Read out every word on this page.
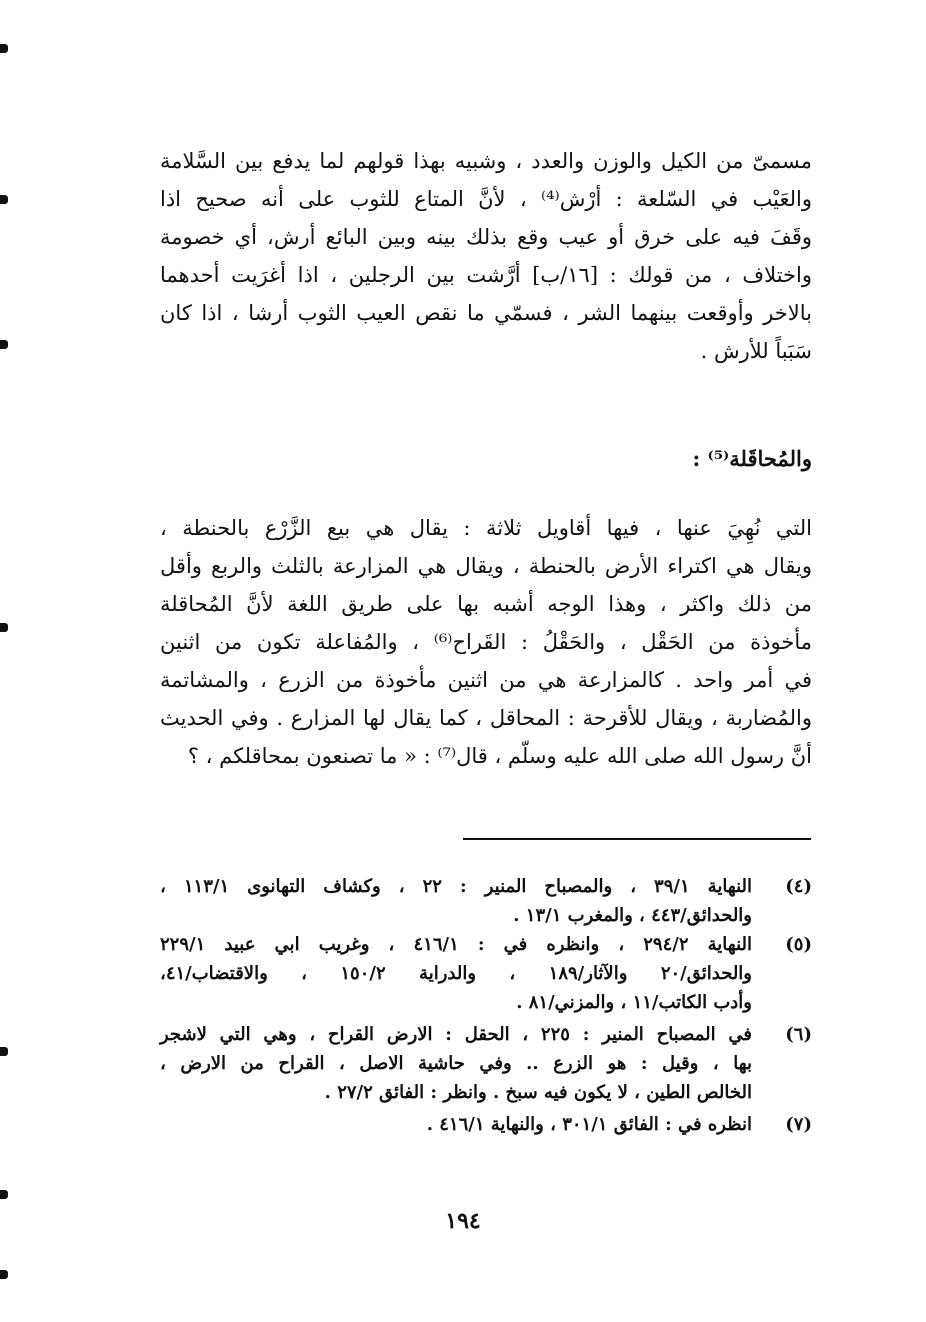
مسمیّ من الكيل والوزن والعدد ، وشبيه بهذا قولهم لما يدفع بين السَّلامة
والعَيْب في السّلعة : أرْش⁽⁴⁾ ، لأنَّ المتاع للثوب على أنه صحيح اذا
وقَفَ فيه على خرق أو عيب وقع بذلك بينه وبين البائع أرش، أي خصومة
واختلاف ، من قولك : [١٦/ب] أرَّشت بين الرجلين ، اذا أغرَيت أحدهما
بالاخر وأوقعت بينهما الشر ، فسمّي ما نقص العيب الثوب أرشا ، اذا كان
سَبَباً للأرش .
والمُحاقَلة⁽⁵⁾ :
التي نُهِيَ عنها ، فيها أقاويل ثلاثة : يقال هي بيع الزَّرْع بالحنطة ،
ويقال هي اكتراء الأرض بالحنطة ، ويقال هي المزارعة بالثلث والربع وأقل
من ذلك واكثر ، وهذا الوجه أشبه بها على طريق اللغة لأنَّ المُحاقلة
مأخوذة من الحَقْل ، والحَقْلُ : القَراح⁽⁶⁾ ، والمُفاعلة تكون من اثنين
في أمر واحد . كالمزارعة هي من اثنين مأخوذة من الزرع ، والمشاتمة
والمُضاربة ، ويقال للأقرحة : المحاقل ، كما يقال لها المزارع . وفي الحديث
أنَّ رسول الله صلى الله عليه وسلّم ، قال⁽⁷⁾ : « ما تصنعون بمحاقلكم ، ؟
(٤)
النهاية ٣٩/١ ، والمصباح المنير : ٢٢ ، وكشاف التهانوى ١١٣/١ ،
والحدائق/٤٤٣ ، والمغرب ١٣/١ .
(٥)
النهاية ٢٩٤/٢ ، وانظره في : ٤١٦/١ ، وغريب ابي عبيد ٢٢٩/١
والحدائق/٢٠ والآثار/١٨٩ ، والدراية ١٥٠/٢ ، والاقتضاب/٤١،
وأدب الكاتب/١١ ، والمزني/٨١ .
(٦)
في المصباح المنير : ٢٢٥ ، الحقل : الارض القراح ، وهي التي لاشجر
بها ، وقيل : هو الزرع .. وفي حاشية الاصل ، القراح من الارض ،
الخالص الطين ، لا يكون فيه سبخ . وانظر : الفائق ٢٧/٢ .
(٧)
انظره في : الفائق ٣٠١/١ ، والنهاية ٤١٦/١ .
١٩٤
